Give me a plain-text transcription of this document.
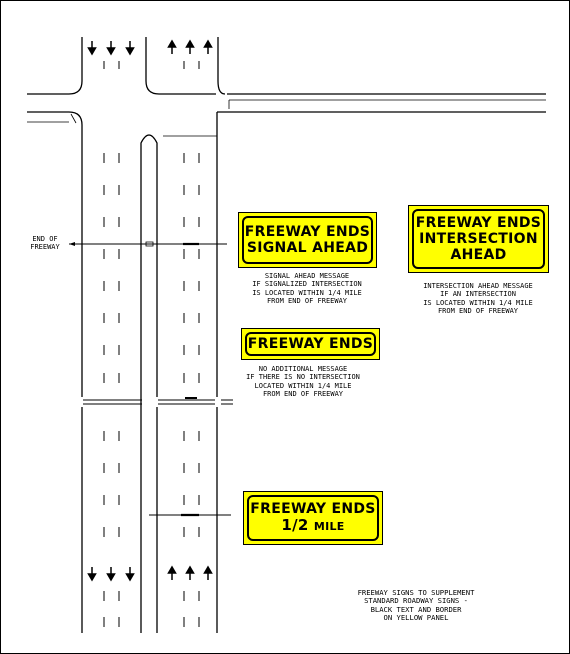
END OF
FREEWAY
FREEWAY ENDS
SIGNAL AHEAD
SIGNAL AHEAD MESSAGE
IF SIGNALIZED INTERSECTION
IS LOCATED WITHIN 1/4 MILE
FROM END OF FREEWAY
FREEWAY ENDS
INTERSECTION
AHEAD
INTERSECTION AHEAD MESSAGE
IF AN INTERSECTION
IS LOCATED WITHIN 1/4 MILE
FROM END OF FREEWAY
FREEWAY ENDS
NO ADDITIONAL MESSAGE
IF THERE IS NO INTERSECTION
LOCATED WITHIN 1/4 MILE
FROM END OF FREEWAY
FREEWAY ENDS
1/2 MILE
FREEWAY SIGNS TO SUPPLEMENT
STANDARD ROADWAY SIGNS -
BLACK TEXT AND BORDER
ON YELLOW PANEL
